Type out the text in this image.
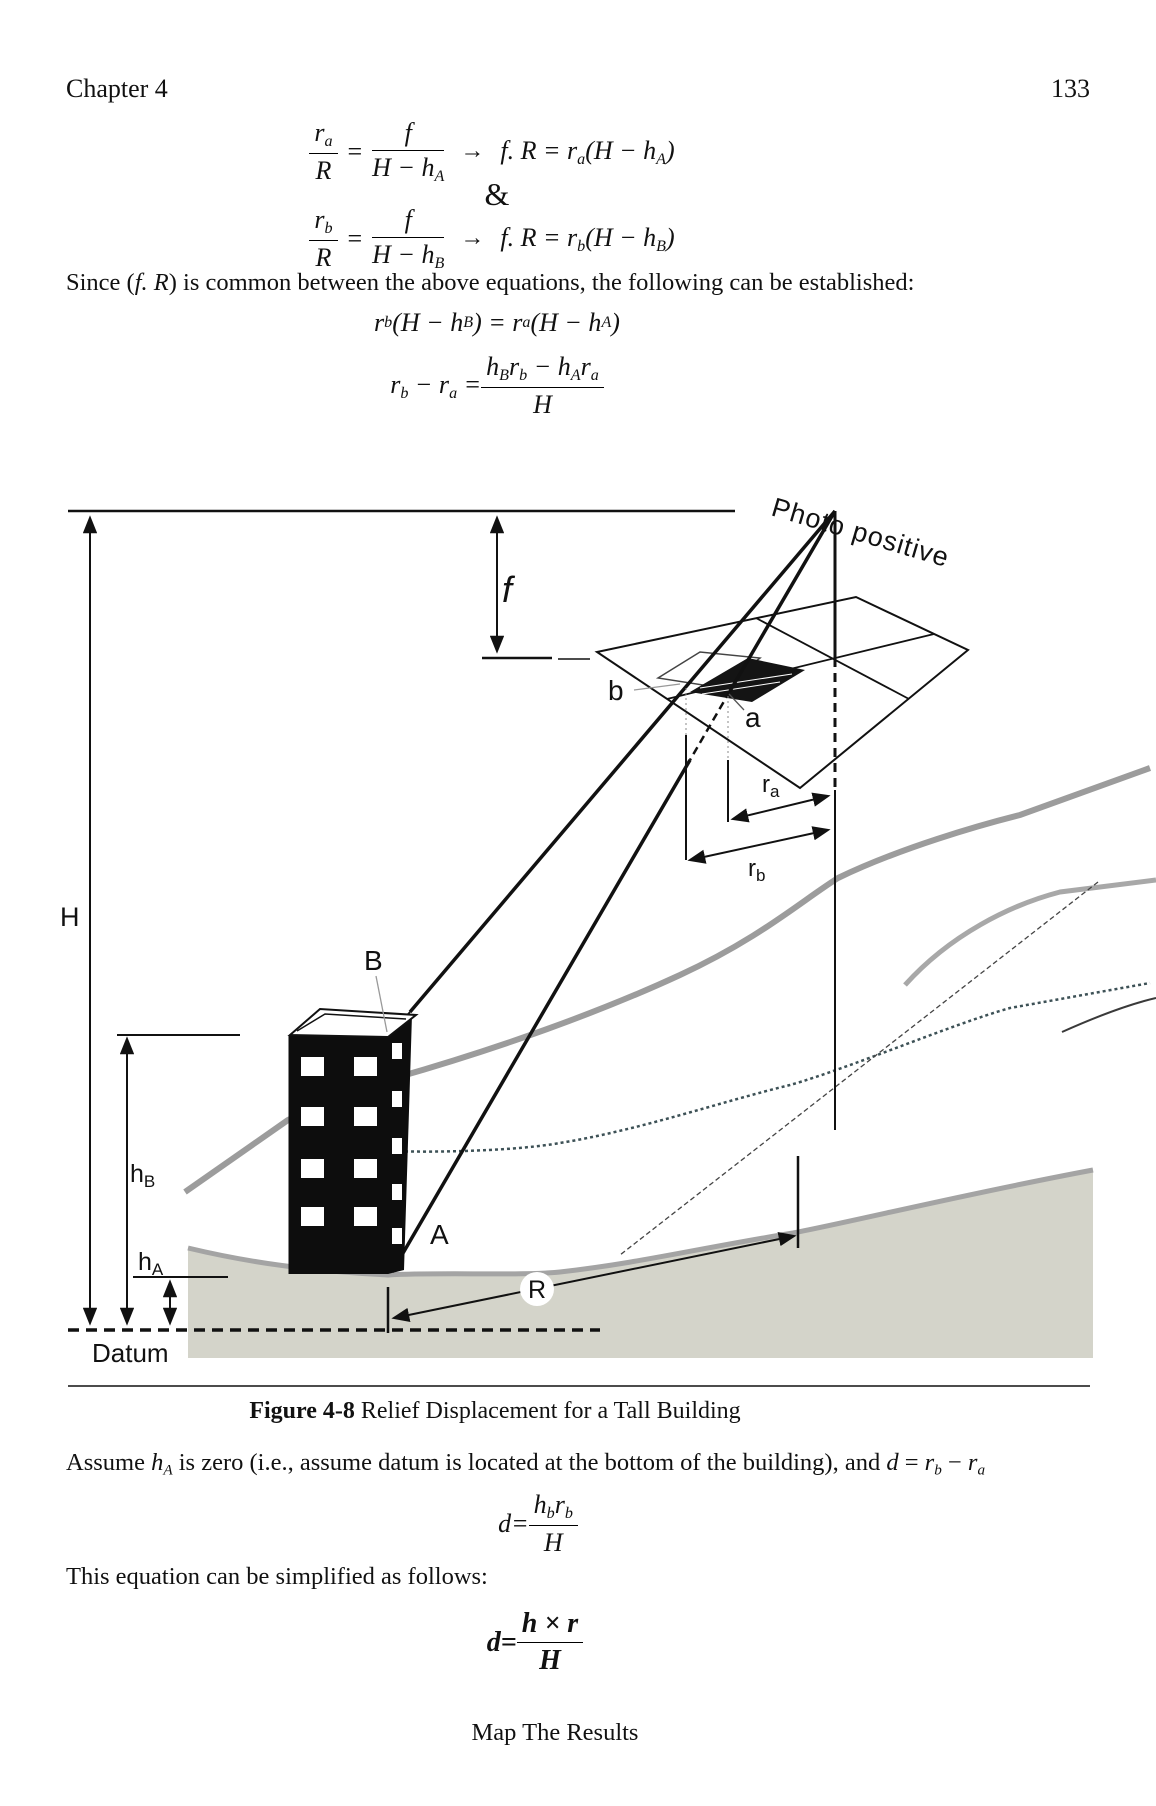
Chapter 4	133
$\frac{r_a}{R} = \frac{f}{H - h_A} \to f$. $R = r_a(H - h_A)$
&
$\frac{r_b}{R} = \frac{f}{H - h_B} \to f$. $R = r_b(H - h_B)$
Since (f. R) is common between the above equations, the following can be established:
r b (H − h B ) = r a (H − h A )
$r_b - r_a = \frac{h_Br_b - h_Ar_a}{H}$
H
f
Photo positive
$r_a$
$r_b$
b
a
B
A
R
$h_B$
$h_A$
Datum
Figure 4-8 Relief Displacement for a Tall Building
Assume $h_A$ is zero (i.e., assume datum is located at the bottom of the building), and $d = r_b - r_a$
$d = \frac{h_br_b}{H}$
This equation can be simplified as follows:
$d = \frac{h \times r}{H}$
Map The Results
